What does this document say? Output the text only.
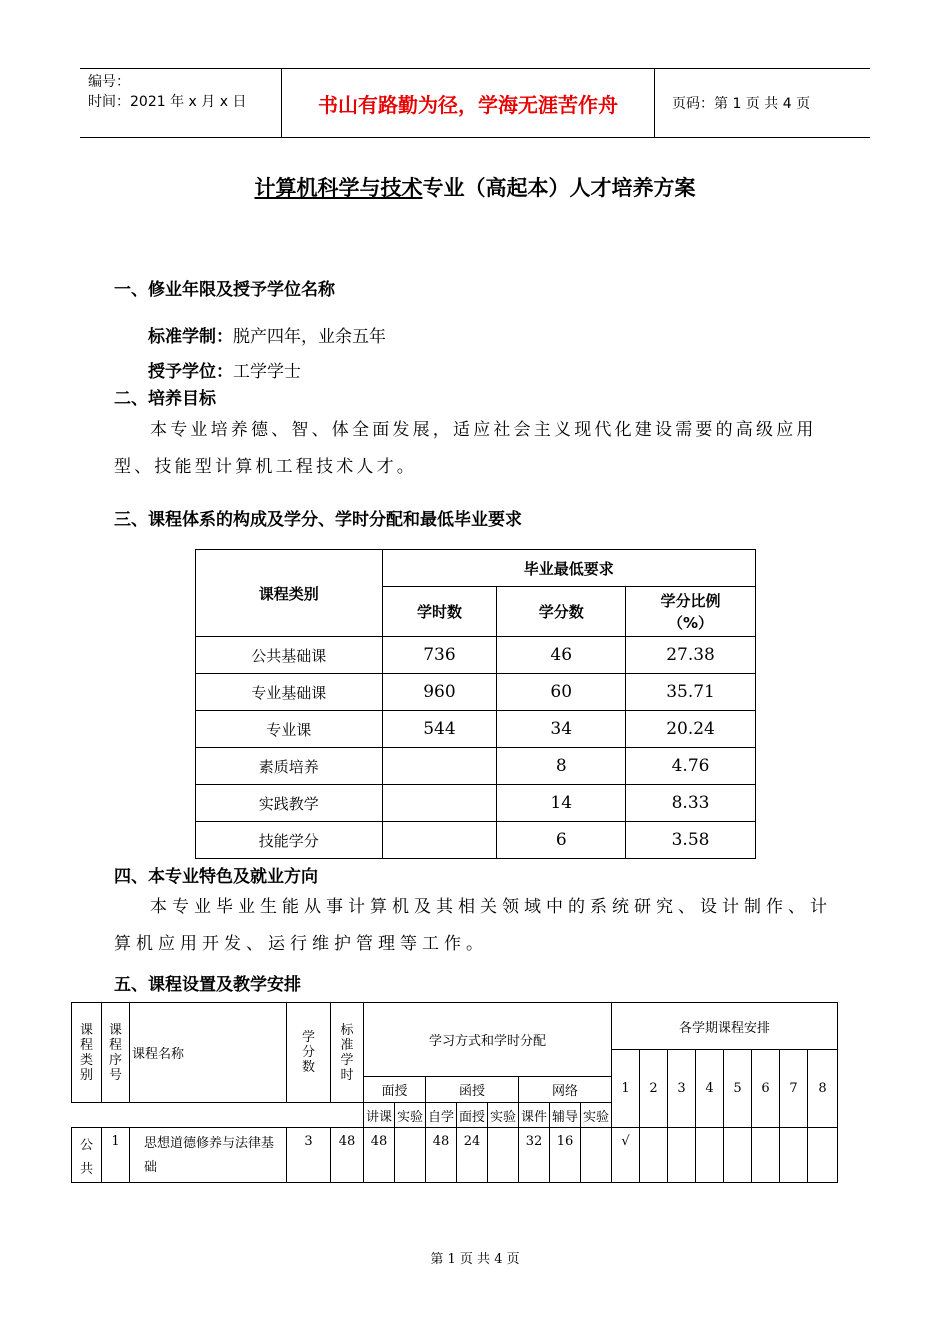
编号：
时间：2021 年 x 月 x 日	书山有路勤为径，学海无涯苦作舟	页码：第 1 页 共 4 页
计算机科学与技术专业（高起本）人才培养方案
一、修业年限及授予学位名称
标准学制：脱产四年，业余五年
授予学位：工学学士
二、培养目标
本专业培养德、智、体全面发展，适应社会主义现代化建设需要的高级应用型、技能型计算机工程技术人才。
三、课程体系的构成及学分、学时分配和最低毕业要求
课程类别	毕业最低要求		
	学时数	学分数	学分比例（%）
公共基础课	736	46	27.38
专业基础课	960	60	35.71
专业课	544	34	20.24
素质培养		8	4.76
实践教学		14	8.33
技能学分		6	3.58
四、本专业特色及就业方向
本专业毕业生能从事计算机及其相关领域中的系统研究、设计制作、计算机应用开发、运行维护管理等工作。
五、课程设置及教学安排
课程类别	课程序号	课程名称	学分数	标准学时	学习方式和学时分配								各学期课程安排							
													1	2	3	4	5	6	7	8
					面授		函授			网络										
					讲课	实验	自学	面授	实验	课件	辅导	实验								

公共	1	思想道德修养与法律基础	3	48	48		48	24		32	16		√							
第 1 页 共 4 页
